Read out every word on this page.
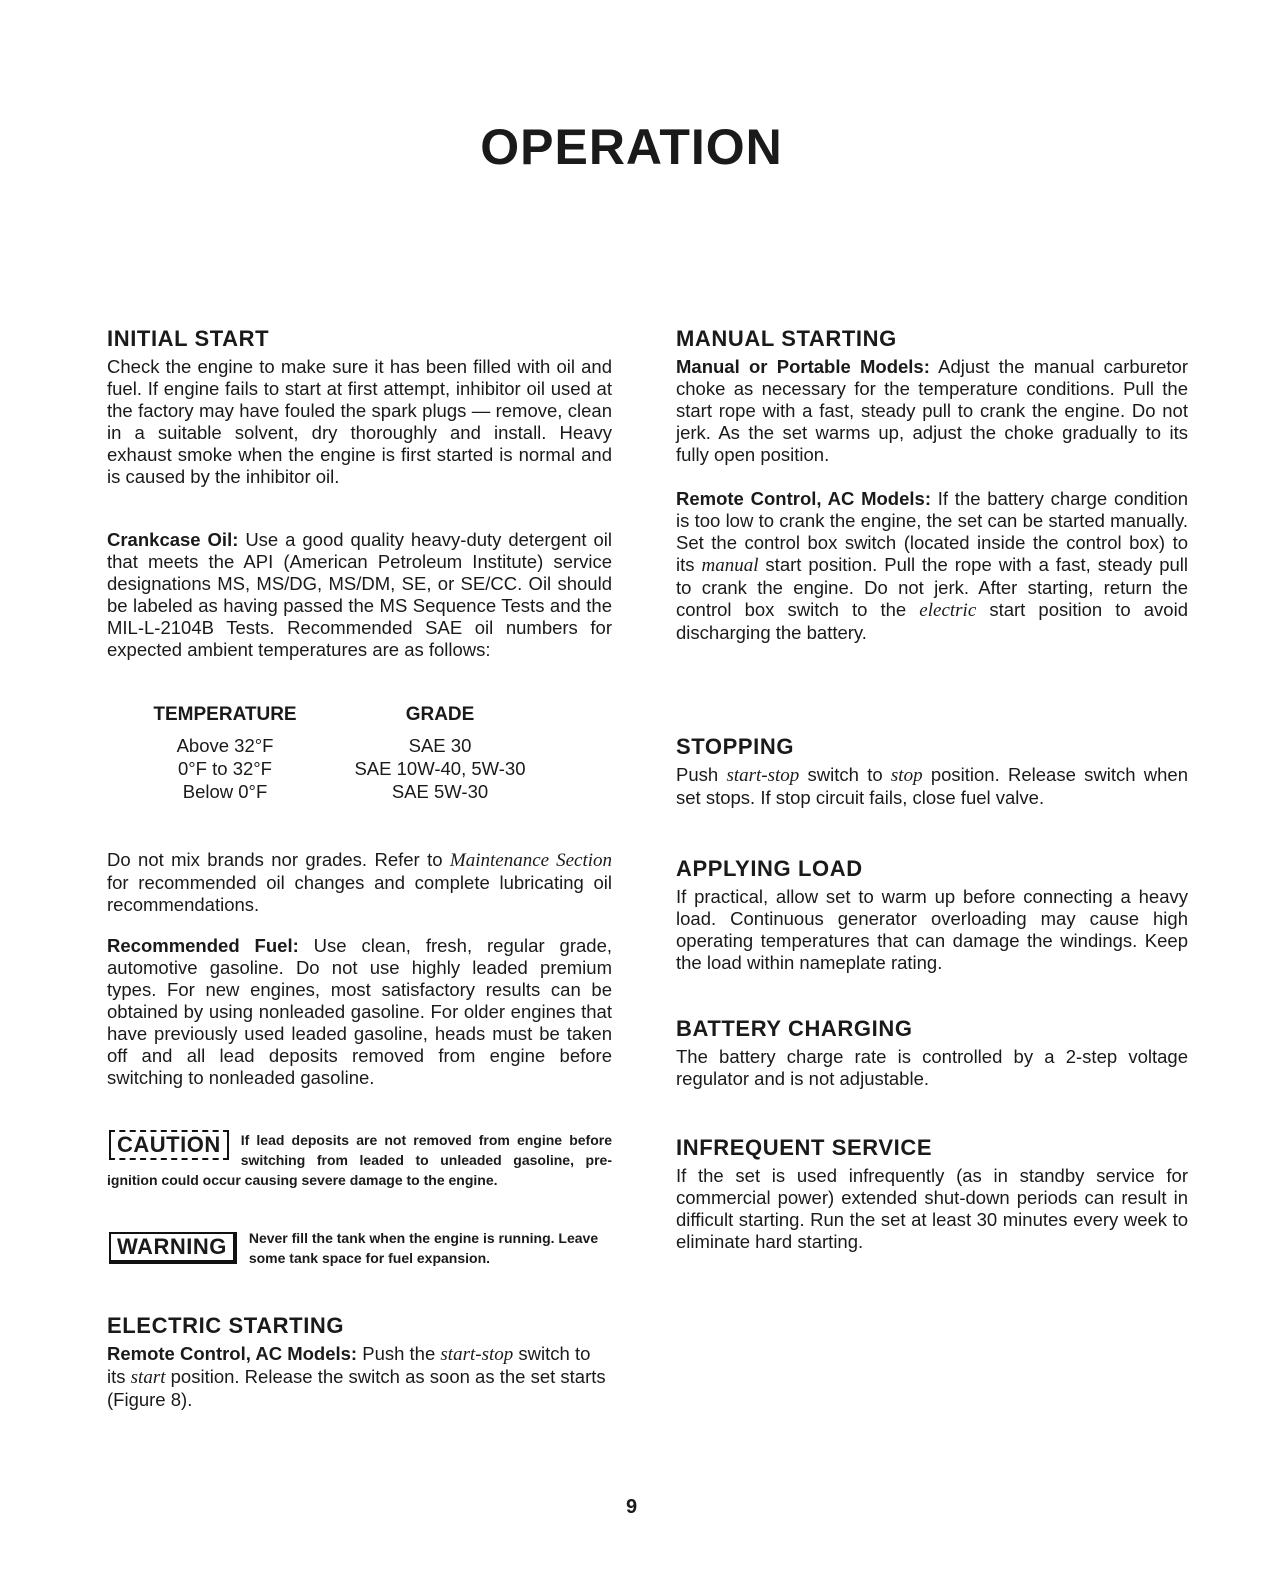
OPERATION
INITIAL START

Check the engine to make sure it has been filled with oil and fuel. If engine fails to start at first attempt, inhibitor oil used at the factory may have fouled the spark plugs — remove, clean in a suitable solvent, dry thoroughly and install. Heavy exhaust smoke when the engine is first started is normal and is caused by the inhibitor oil.

Crankcase Oil: Use a good quality heavy-duty detergent oil that meets the API (American Petroleum Institute) service designations MS, MS/DG, MS/DM, SE, or SE/CC. Oil should be labeled as having passed the MS Sequence Tests and the MIL-L-2104B Tests. Recommended SAE oil numbers for expected ambient temperatures are as follows:

TEMPERATURE	GRADE
Above 32°F	SAE 30
0°F to 32°F	SAE 10W-40, 5W-30
Below 0°F	SAE 5W-30

Do not mix brands nor grades. Refer to Maintenance Section for recommended oil changes and complete lubricating oil recommendations.

Recommended Fuel: Use clean, fresh, regular grade, automotive gasoline. Do not use highly leaded premium types. For new engines, most satisfactory results can be obtained by using nonleaded gasoline. For older engines that have previously used leaded gasoline, heads must be taken off and all lead deposits removed from engine before switching to nonleaded gasoline.

CAUTION	If lead deposits are not removed from engine before switching from leaded to unleaded gasoline, pre-ignition could occur causing severe damage to the engine.

WARNING	Never fill the tank when the engine is running. Leave some tank space for fuel expansion.

ELECTRIC STARTING

Remote Control, AC Models: Push the start-stop switch to its start position. Release the switch as soon as the set starts (Figure 8).

MANUAL STARTING

Manual or Portable Models: Adjust the manual carburetor choke as necessary for the temperature conditions. Pull the start rope with a fast, steady pull to crank the engine. Do not jerk. As the set warms up, adjust the choke gradually to its fully open position.

Remote Control, AC Models: If the battery charge condition is too low to crank the engine, the set can be started manually. Set the control box switch (located inside the control box) to its manual start position. Pull the rope with a fast, steady pull to crank the engine. Do not jerk. After starting, return the control box switch to the electric start position to avoid discharging the battery.

STOPPING

Push start-stop switch to stop position. Release switch when set stops. If stop circuit fails, close fuel valve.

APPLYING LOAD

If practical, allow set to warm up before connecting a heavy load. Continuous generator overloading may cause high operating temperatures that can damage the windings. Keep the load within nameplate rating.

BATTERY CHARGING

The battery charge rate is controlled by a 2-step voltage regulator and is not adjustable.

INFREQUENT SERVICE

If the set is used infrequently (as in standby service for commercial power) extended shut-down periods can result in difficult starting. Run the set at least 30 minutes every week to eliminate hard starting.

9
